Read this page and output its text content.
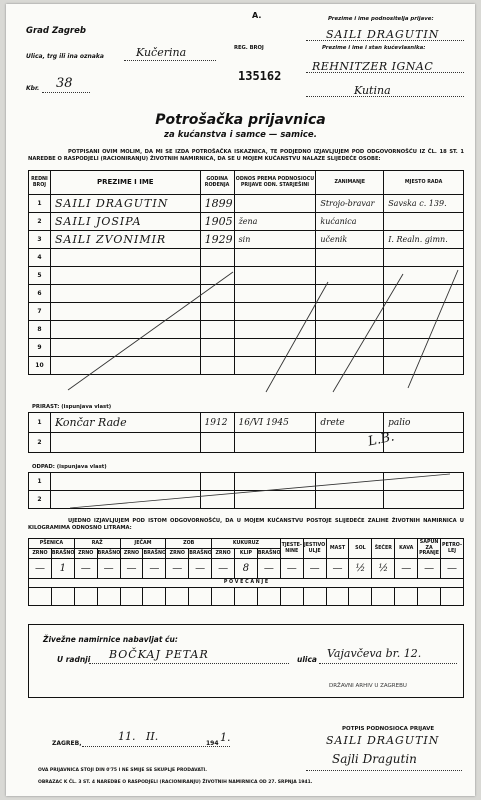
Grad Zagreb
Ulica, trg ili ina oznaka	Kučerina
Kbr. 38
A.
REG. BROJ
135162
Prezime i ime podnositelja prijave:
SAILI DRAGUTIN
Prezime i ime i stan kućevlasnika:
REHNITZER IGNAC
Kutina
Potrošačka prijavnica
za kućanstva i samce — samice.
POTPISANI OVIM MOLIM, DA MI SE IZDA POTROŠAČKA ISKAZNICA, TE PODJEDNO IZJAVLJUJEM POD ODGOVORNOŠĆU IZ ČL. 18 ST. 1 NAREDBE O RASPODJELI (RACIONIRANJU) ŽIVOTNIH NAMIRNICA, DA SE U MOJEM KUĆANSTVU NALAZE SLIJEDEĆE OSOBE:
REDNI BROJ	PREZIME I IME	GODINA ROĐENJA	ODNOS PREMA PODNOSIOCU PRIJAVE ODN. STARJEŠINI	ZANIMANJE	MJESTO RADA
1	SAILI DRAGUTIN	1899		Strojo-bravar	Savska c. 139.
2	SAILI JOSIPA	1905	žena	kućanica	
3	SAILI ZVONIMIR	1929	sin	učenik	I. Realn. gimn.
4					
5					
6					
7					
8					
9					
10					
PRIRAST: (ispunjava vlast)
1	Končar Rade	1912	16/VI 1945	drete	palio
2						L.B.
ODPAD: (ispunjava vlast)
1					
2					
UJEDNO IZJAVLJUJEM POD ISTOM ODGOVORNOŠĆU, DA U MOJEM KUĆANSTVU POSTOJE SLIJEDEĆE ZALIHE ŽIVOTNIH NAMIRNICA U KILOGRAMIMA ODNOSNO LITRAMA:
PŠENICA		RAŽ		JEČAM		ZOB		KUKURUZ			TJESTE-NINE	JESTIVO ULJE	MAST	SOL	ŠEĆER	KAVA	SAPUN ZA PRANJE	PETRO-LEJ
ZRNO	BRAŠNO	ZRNO	BRAŠNO	ZRNO	BRAŠNO	ZRNO	BRAŠNO	ZRNO	KLIP	BRAŠNO								
—	1	—	—	—	—	—	—	—	8	—	—	—	—	½	½	—	—	—
P O V E Ć A N J E																		

Živežne namirnice nabavljat ću:
U radnji BOČKAJ PETAR	ulica Vajavčeva br. 12.
DRŽAVNI ARHIV U ZAGREBU
ZAGREB,
11. II.
194 1.
POTPIS PODNOSIOCA PRIJAVE
SAILI DRAGUTIN
Sajli Dragutin
OVA PRIJAVNICA STOJI DIN 0'75 I NE SMIJE SE SKUPLJE PRODAVATI.
OBRAZAC K ČL. 3 ST. 4 NAREDBE O RASPODJELI (RACIONIRANJU) ŽIVOTNIH NAMIRNICA OD 27. SRPNJA 1941.
